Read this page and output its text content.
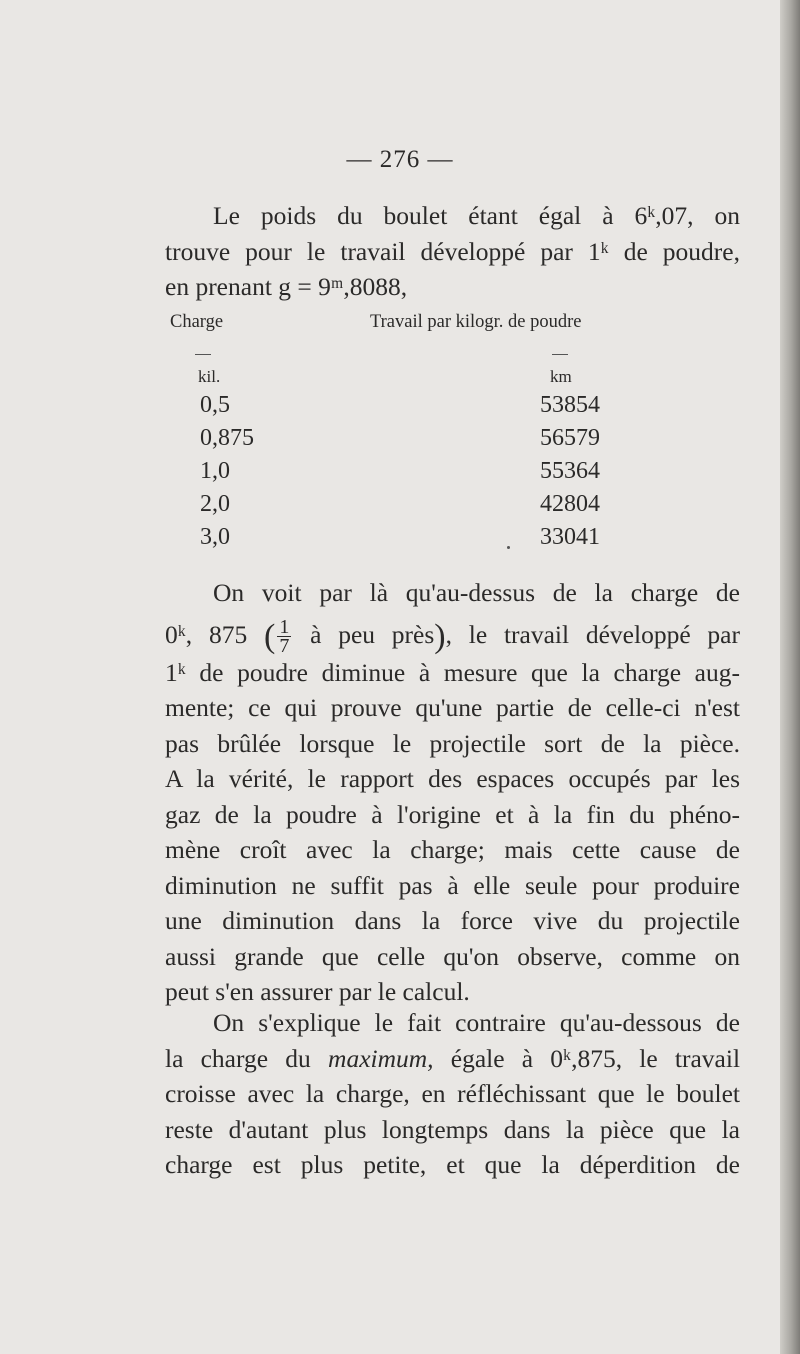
— 276 —
Le poids du boulet étant égal à 6ᵏ,07, on
trouve pour le travail développé par 1ᵏ de poudre,
en prenant g = 9ᵐ,8088,
Charge	Travail par kilogr. de poudre
kil.	km
0,5	53854
0,875	56579
1,0	55364
2,0	42804
3,0	33041
On voit par là qu'au-dessus de la charge de
0ᵏ, 875 ( $\frac{1}{7}$ à peu près), le travail développé par
1ᵏ de poudre diminue à mesure que la charge aug-
mente; ce qui prouve qu'une partie de celle-ci n'est
pas brûlée lorsque le projectile sort de la pièce.
A la vérité, le rapport des espaces occupés par les
gaz de la poudre à l'origine et à la fin du phéno-
mène croît avec la charge; mais cette cause de
diminution ne suffit pas à elle seule pour produire
une diminution dans la force vive du projectile
aussi grande que celle qu'on observe, comme on
peut s'en assurer par le calcul.
On s'explique le fait contraire qu'au-dessous de
la charge du maximum, égale à 0ᵏ,875, le travail
croisse avec la charge, en réfléchissant que le boulet
reste d'autant plus longtemps dans la pièce que la
charge est plus petite, et que la déperdition de
